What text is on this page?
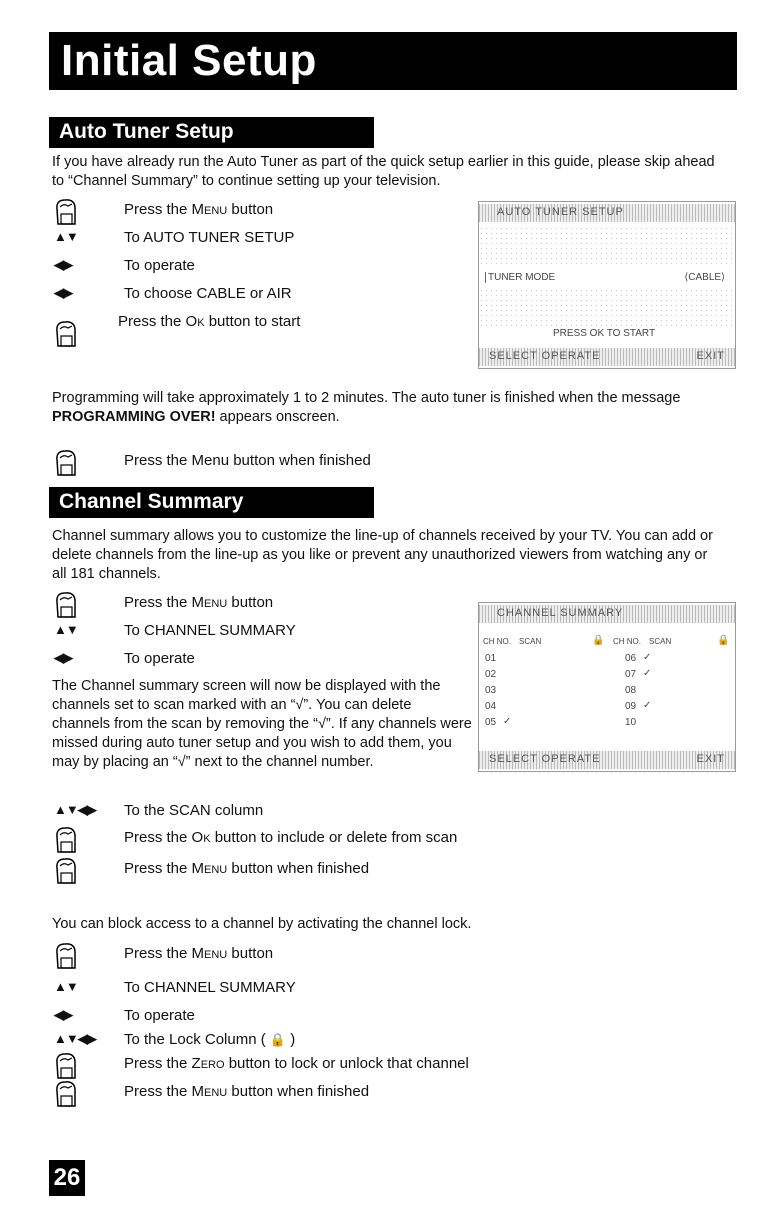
Initial Setup
Auto Tuner Setup
If you have already run the Auto Tuner as part of the quick setup earlier in this guide, please skip ahead to “Channel Summary” to continue setting up your television.
Press the Menu button
▲▼	To AUTO TUNER SETUP
◀▶	To operate
◀▶	To choose CABLE or AIR
Press the Ok button to start
AUTO TUNER SETUP
TUNER MODE	⟨CABLE⟩
PRESS OK TO START
SELECT OPERATE	EXIT
Programming will take approximately 1 to 2 minutes. The auto tuner is finished when the message PROGRAMMING OVER! appears onscreen.
Press the Menu button when finished
Channel Summary
Channel summary allows you to customize the line-up of channels received by your TV. You can add or delete channels from the line-up as you like or prevent any unauthorized viewers from watching any or all 181 channels.
Press the Menu button
▲▼	To CHANNEL SUMMARY
◀▶	To operate
The Channel summary screen will now be displayed with the channels set to scan marked with an “√”. You can delete channels from the scan by removing the “√”. If any channels were missed during auto tuner setup and you wish to add them, you may by placing an “√” next to the channel number.
CHANNEL SUMMARY
CH NO. SCAN	🔒 CH NO. SCAN	🔒
01
02
03
04
05 ✓
06 ✓
07 ✓
08
09 ✓
10
SELECT OPERATE	EXIT
▲▼◀▶ To the SCAN column
Press the Ok button to include or delete from scan
Press the Menu button when finished
You can block access to a channel by activating the channel lock.
Press the Menu button
▲▼	To CHANNEL SUMMARY
◀▶	To operate
▲▼◀▶ To the Lock Column ( 🔒 )
Press the Zero button to lock or unlock that channel
Press the Menu button when finished
26
